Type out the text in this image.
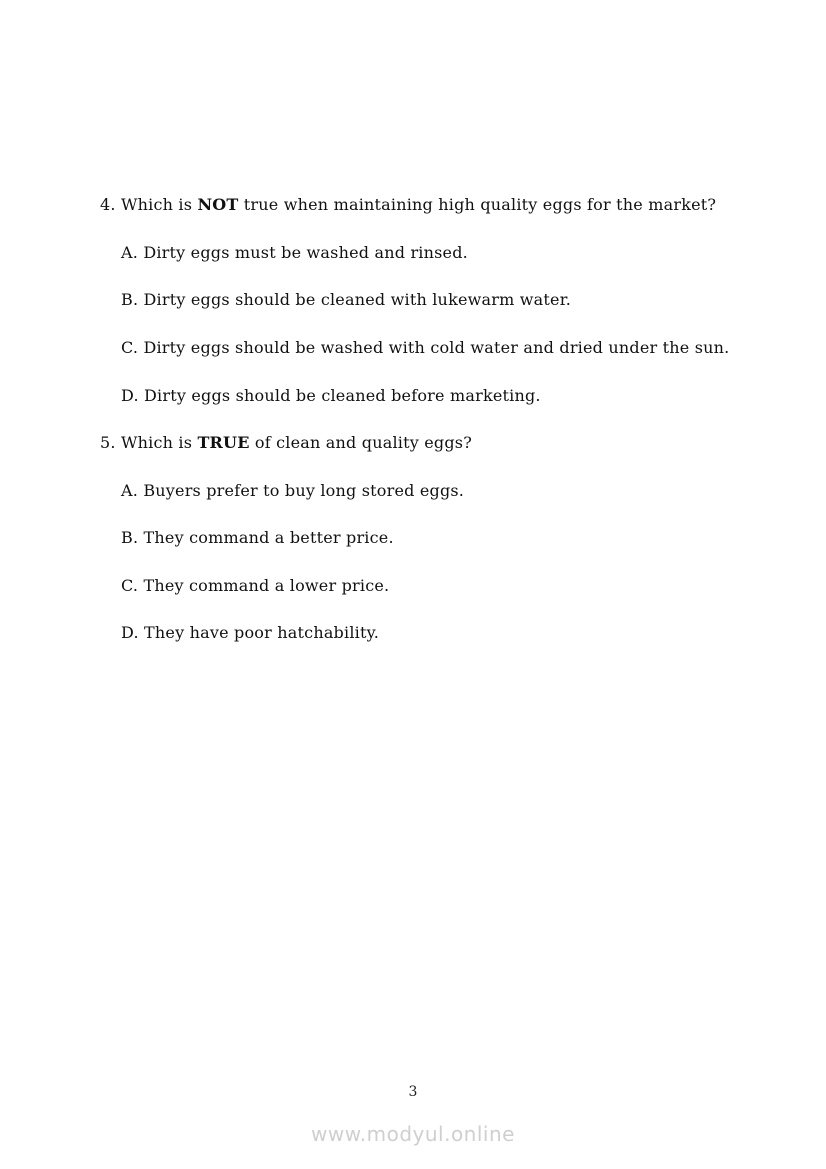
4. Which is NOT true when maintaining high quality eggs for the market?
A. Dirty eggs must be washed and rinsed.
B. Dirty eggs should be cleaned with lukewarm water.
C. Dirty eggs should be washed with cold water and dried under the sun.
D. Dirty eggs should be cleaned before marketing.
5. Which is TRUE of clean and quality eggs?
A. Buyers prefer to buy long stored eggs.
B. They command a better price.
C. They command a lower price.
D. They have poor hatchability.
3
www.modyul.online
